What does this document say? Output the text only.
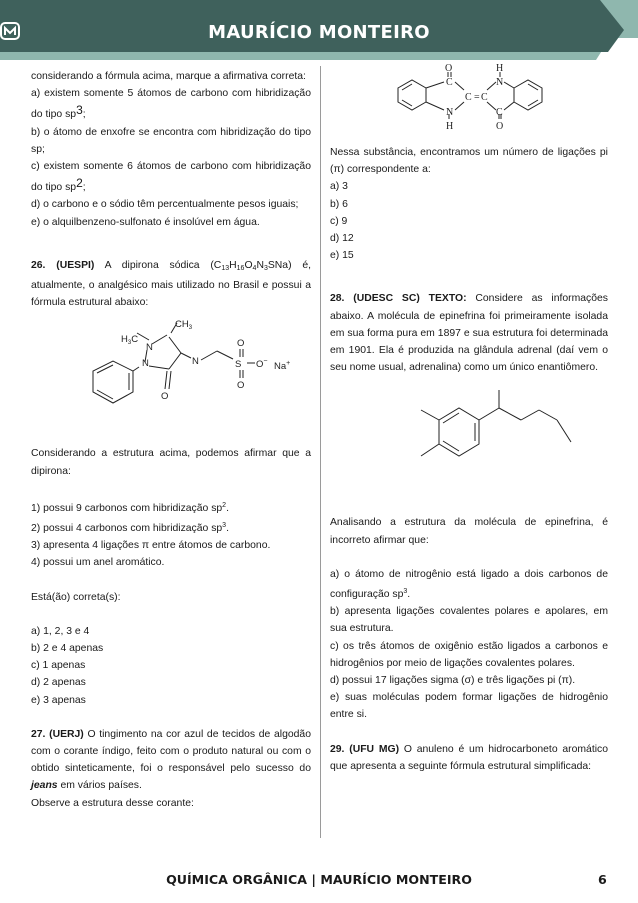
MAURÍCIO MONTEIRO

considerando a fórmula acima, marque a afirmativa correta:

a) existem somente 5 átomos de carbono com hibridização do tipo sp3;

b) o átomo de enxofre se encontra com hibridização do tipo sp;

c) existem somente 6 átomos de carbono com hibridização do tipo sp2;

d) o carbono e o sódio têm percentualmente pesos iguais;

e) o alquilbenzeno-sulfonato é insolúvel em água.

26. (UESPI) A dipirona sódica $(C_{13}H_{16}O_4N_3SNa)$ é, atualmente, o analgésico mais utilizado no Brasil e possui a fórmula estrutural abaixo:

$H_3C$
$CH_3$
N
N	N
O
S
O
O
O− Na+

Considerando a estrutura acima, podemos afirmar que a dipirona:

1) possui 9 carbonos com hibridização $sp^2$.

2) possui 4 carbonos com hibridização $sp^3$.

3) apresenta 4 ligações π entre átomos de carbono.

4) possui um anel aromático.

Está(ão) correta(s):

a) 1, 2, 3 e 4

b) 2 e 4 apenas

c) 1 apenas

d) 2 apenas

e) 3 apenas

27. (UERJ) O tingimento na cor azul de tecidos de algodão com o corante índigo, feito com o produto natural ou com o obtido sinteticamente, foi o responsável pelo sucesso do jeans em vários países.

Observe a estrutura desse corante:

O
C
H
N
C = C
N
H
C
O

Nessa substância, encontramos um número de ligações pi (π) correspondente a:

a) 3

b) 6

c) 9

d) 12

e) 15

28. (UDESC SC) TEXTO: Considere as informações abaixo. A molécula de epinefrina foi primeiramente isolada em sua forma pura em 1897 e sua estrutura foi determinada em 1901. Ela é produzida na glândula adrenal (daí vem o seu nome usual, adrenalina) como um único enantiômero.

Analisando a estrutura da molécula de epinefrina, é incorreto afirmar que:

a) o átomo de nitrogênio está ligado a dois carbonos de configuração $sp^3$.

b) apresenta ligações covalentes polares e apolares, em sua estrutura.

c) os três átomos de oxigênio estão ligados a carbonos e hidrogênios por meio de ligações covalentes polares.

d) possui 17 ligações sigma (σ) e três ligações pi (π).

e) suas moléculas podem formar ligações de hidrogênio entre si.

29. (UFU MG) O anuleno é um hidrocarboneto aromático que apresenta a seguinte fórmula estrutural simplificada:

QUÍMICA ORGÂNICA | MAURÍCIO MONTEIRO	6
